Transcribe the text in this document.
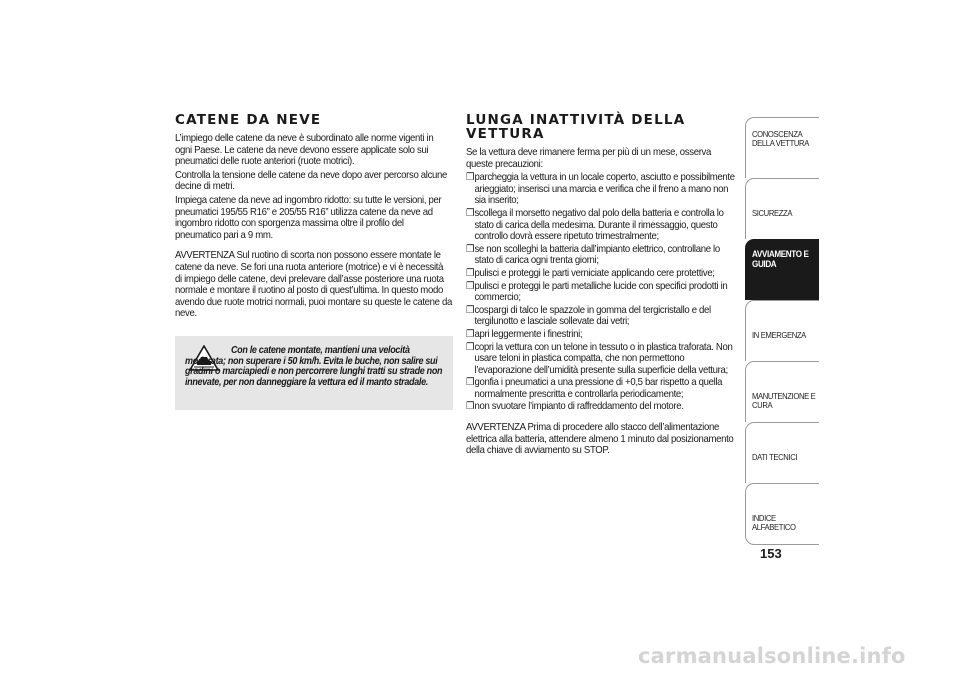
CATENE DA NEVE

L’impiego delle catene da neve è subordinato alle norme vigenti in ogni Paese. Le catene da neve devono essere applicate solo sui pneumatici delle ruote anteriori (ruote motrici).

Controlla la tensione delle catene da neve dopo aver percorso alcune decine di metri.

Impiega catene da neve ad ingombro ridotto: su tutte le versioni, per pneumatici 195/55 R16” e 205/55 R16” utilizza catene da neve ad ingombro ridotto con sporgenza massima oltre il profilo del pneumatico pari a 9 mm.

AVVERTENZA Sul ruotino di scorta non possono essere montate le catene da neve. Se fori una ruota anteriore (motrice) e vi è necessità di impiego delle catene, devi prelevare dall’asse posteriore una ruota normale e montare il ruotino al posto di quest’ultima. In questo modo avendo due ruote motrici normali, puoi montare su queste le catene da neve.

Con le catene montate, mantieni una velocità moderata; non superare i 50 km/h. Evita le buche, non salire sui gradini o marciapiedi e non percorrere lunghi tratti su strade non innevate, per non danneggiare la vettura ed il manto stradale.

LUNGA INATTIVITÀ DELLA VETTURA

Se la vettura deve rimanere ferma per più di un mese, osserva queste precauzioni:

❒ parcheggia la vettura in un locale coperto, asciutto e possibilmente arieggiato; inserisci una marcia e verifica che il freno a mano non sia inserito;
❒ scollega il morsetto negativo dal polo della batteria e controlla lo stato di carica della medesima. Durante il rimessaggio, questo controllo dovrà essere ripetuto trimestralmente;
❒ se non scolleghi la batteria dall’impianto elettrico, controllane lo stato di carica ogni trenta giorni;
❒ pulisci e proteggi le parti verniciate applicando cere protettive;
❒ pulisci e proteggi le parti metalliche lucide con specifici prodotti in commercio;
❒ cospargi di talco le spazzole in gomma del tergicristallo e del tergilunotto e lasciale sollevate dai vetri;
❒ apri leggermente i finestrini;
❒ copri la vettura con un telone in tessuto o in plastica traforata. Non usare teloni in plastica compatta, che non permettono l’evaporazione dell’umidità presente sulla superficie della vettura;
❒ gonfia i pneumatici a una pressione di +0,5 bar rispetto a quella normalmente prescritta e controllarla periodicamente;
❒ non svuotare l’impianto di raffreddamento del motore.

AVVERTENZA Prima di procedere allo stacco dell’alimentazione elettrica alla batteria, attendere almeno 1 minuto dal posizionamento della chiave di avviamento su STOP.

CONOSCENZA DELLA VETTURA
SICUREZZA
AVVIAMENTO E GUIDA
IN EMERGENZA
MANUTENZIONE E CURA
DATI TECNICI
INDICE ALFABETICO
153
carmanualsonline.info
